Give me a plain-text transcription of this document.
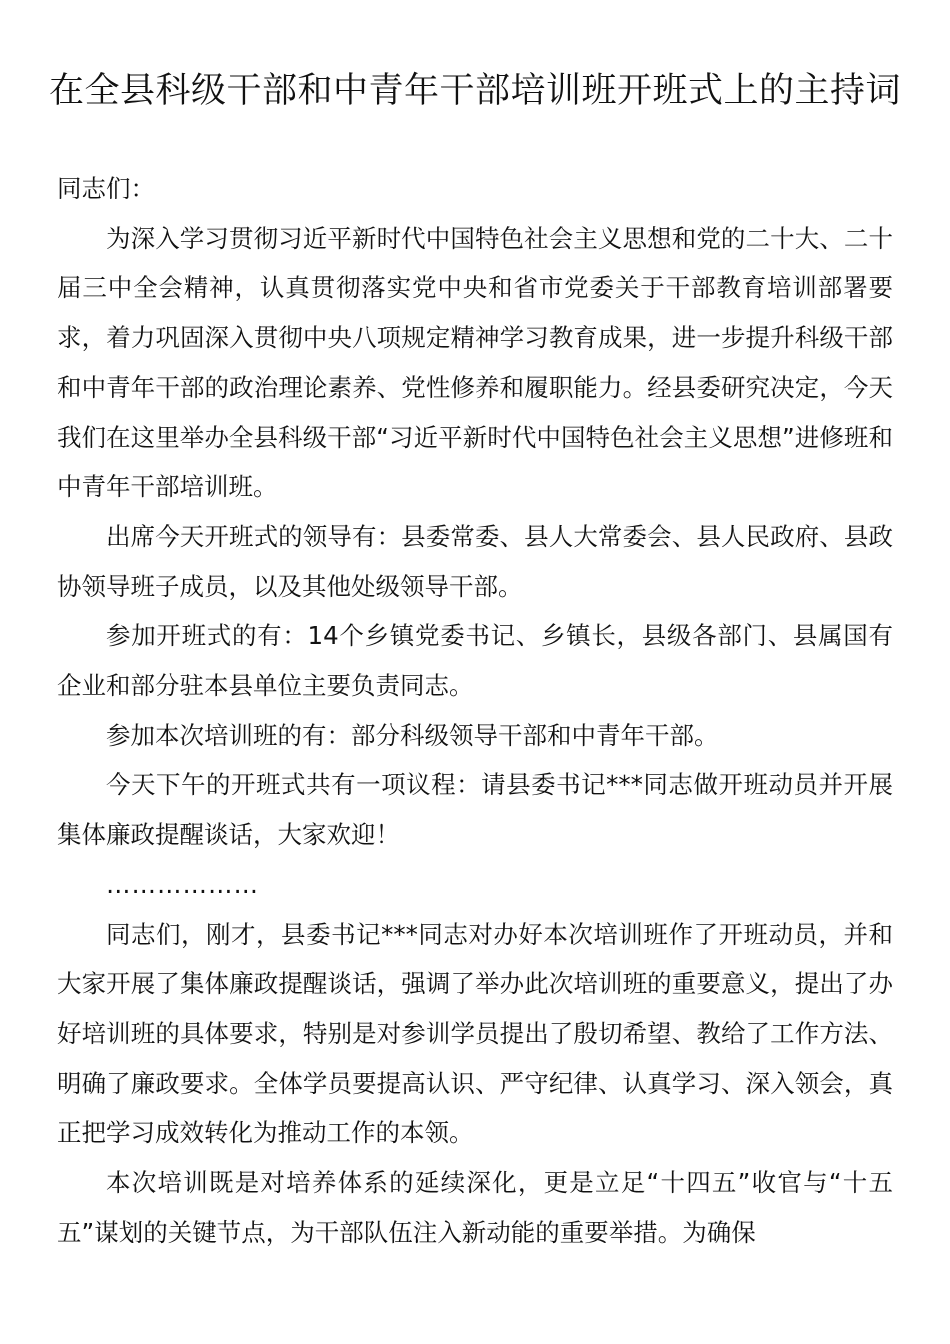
在全县科级干部和中青年干部培训班开班式上的主持词

同志们：

为深入学习贯彻习近平新时代中国特色社会主义思想和党的二十大、二十届三中全会精神，认真贯彻落实党中央和省市党委关于干部教育培训部署要求，着力巩固深入贯彻中央八项规定精神学习教育成果，进一步提升科级干部和中青年干部的政治理论素养、党性修养和履职能力。经县委研究决定，今天我们在这里举办全县科级干部“习近平新时代中国特色社会主义思想”进修班和中青年干部培训班。

出席今天开班式的领导有：县委常委、县人大常委会、县人民政府、县政协领导班子成员，以及其他处级领导干部。

参加开班式的有：14个乡镇党委书记、乡镇长，县级各部门、县属国有企业和部分驻本县单位主要负责同志。

参加本次培训班的有：部分科级领导干部和中青年干部。

今天下午的开班式共有一项议程：请县委书记***同志做开班动员并开展集体廉政提醒谈话，大家欢迎！

………………

同志们，刚才，县委书记***同志对办好本次培训班作了开班动员，并和大家开展了集体廉政提醒谈话，强调了举办此次培训班的重要意义，提出了办好培训班的具体要求，特别是对参训学员提出了殷切希望、教给了工作方法、明确了廉政要求。全体学员要提高认识、严守纪律、认真学习、深入领会，真正把学习成效转化为推动工作的本领。

本次培训既是对培养体系的延续深化，更是立足“十四五”收官与“十五五”谋划的关键节点，为干部队伍注入新动能的重要举措。为确保
